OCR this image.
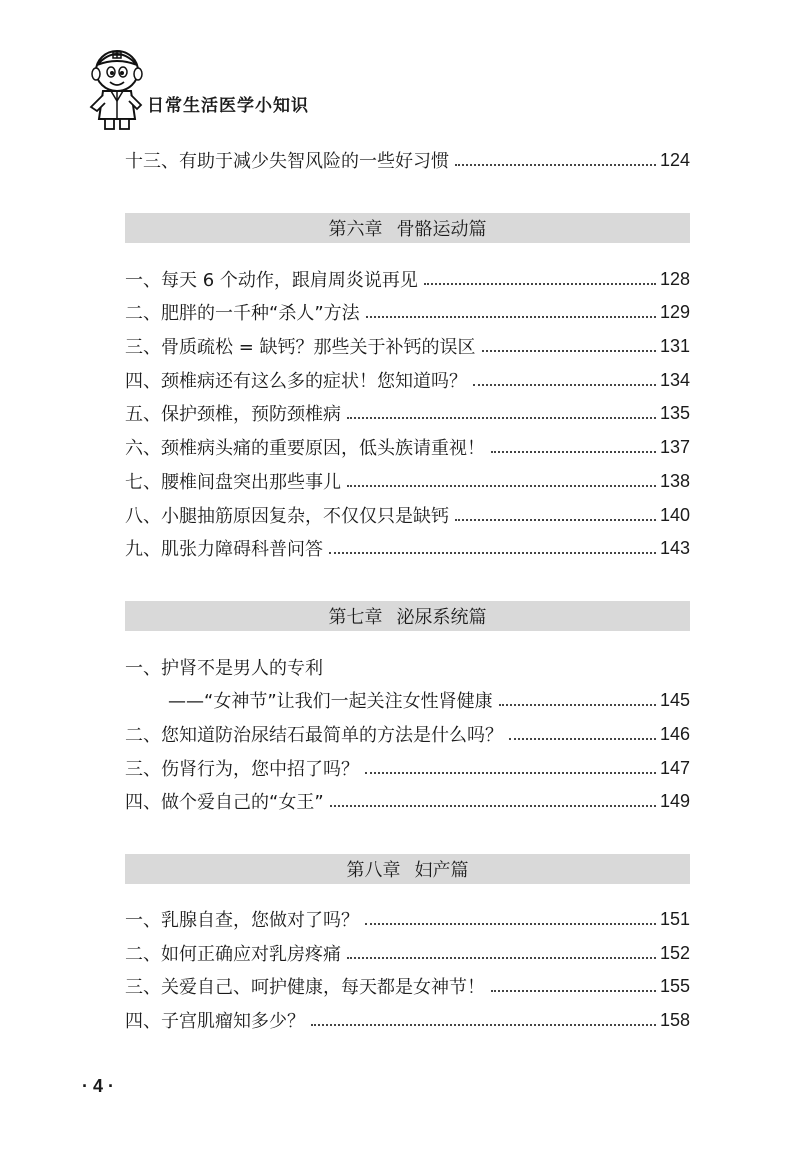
日常生活医学小知识
十三、有助于减少失智风险的一些好习惯	124
第六章 骨骼运动篇
一、每天 6 个动作，跟肩周炎说再见	128
二、肥胖的一千种“杀人”方法	129
三、骨质疏松 = 缺钙？那些关于补钙的误区	131
四、颈椎病还有这么多的症状！您知道吗？	134
五、保护颈椎，预防颈椎病	135
六、颈椎病头痛的重要原因，低头族请重视！	137
七、腰椎间盘突出那些事儿	138
八、小腿抽筋原因复杂，不仅仅只是缺钙	140
九、肌张力障碍科普问答	143
第七章 泌尿系统篇
一、护肾不是男人的专利
——“女神节”让我们一起关注女性肾健康	145
二、您知道防治尿结石最简单的方法是什么吗？	146
三、伤肾行为，您中招了吗？	147
四、做个爱自己的“女王”	149
第八章 妇产篇
一、乳腺自查，您做对了吗？	151
二、如何正确应对乳房疼痛	152
三、关爱自己、呵护健康，每天都是女神节！	155
四、子宫肌瘤知多少？	158
· 4 ·
